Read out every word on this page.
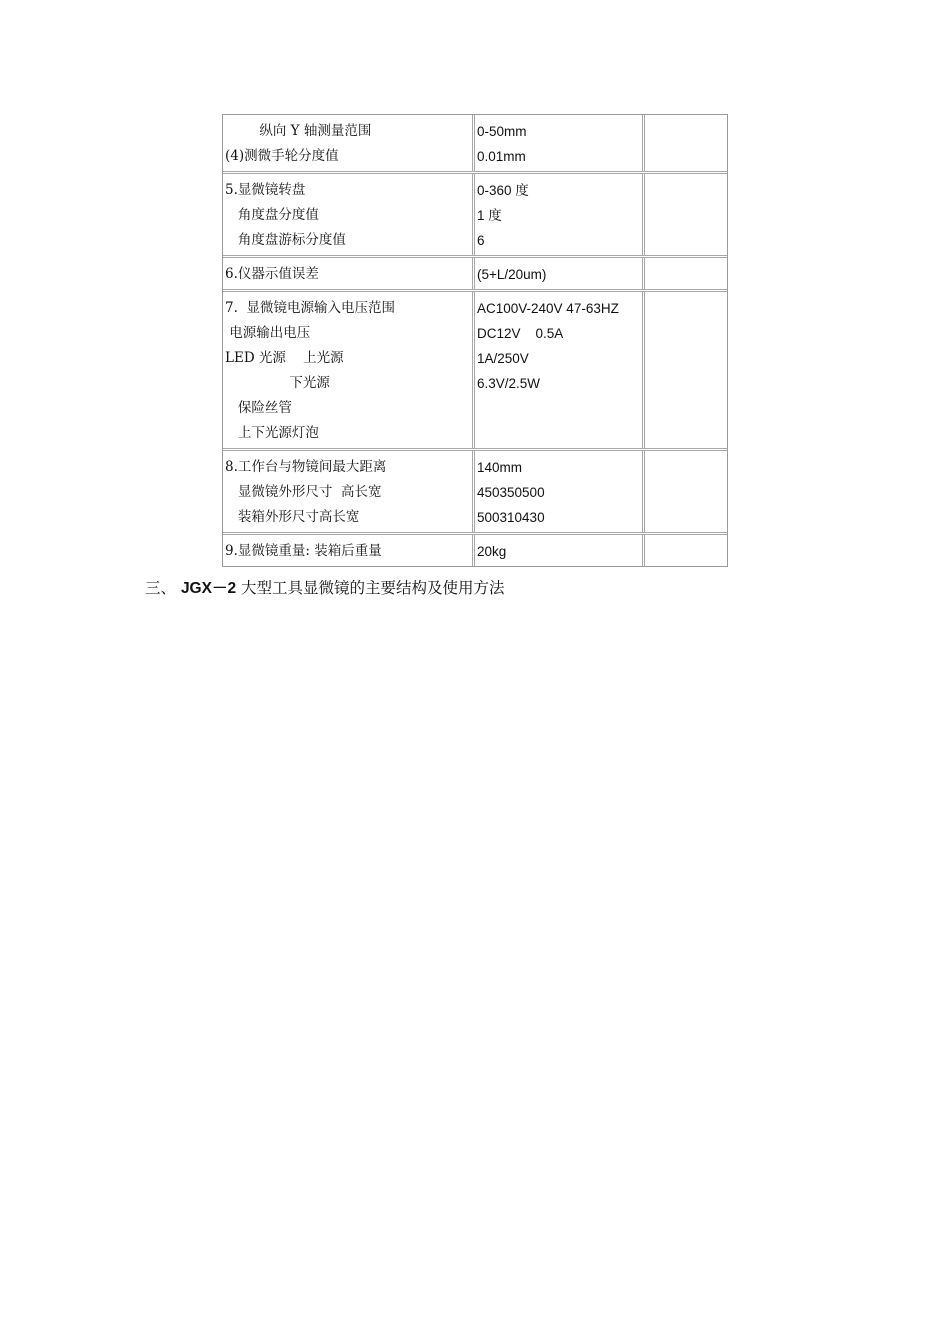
纵向 Y 轴测量范围
(4)测微手轮分度值
0-50mm
0.01mm
5.显微镜转盘
角度盘分度值
角度盘游标分度值
0-360 度
1 度
6
6.仪器示值误差	(5+L/20um)
7.  显微镜电源输入电压范围
电源输出电压
LED 光源    上光源
下光源
保险丝管
上下光源灯泡
AC100V-240V 47-63HZ
DC12V    0.5A
1A/250V
6.3V/2.5W
8.工作台与物镜间最大距离
显微镜外形尺寸  高长宽
装箱外形尺寸高长宽
140mm
450350500
500310430
9.显微镜重量: 装箱后重量	20kg
三、 JGX－2 大型工具显微镜的主要结构及使用方法
